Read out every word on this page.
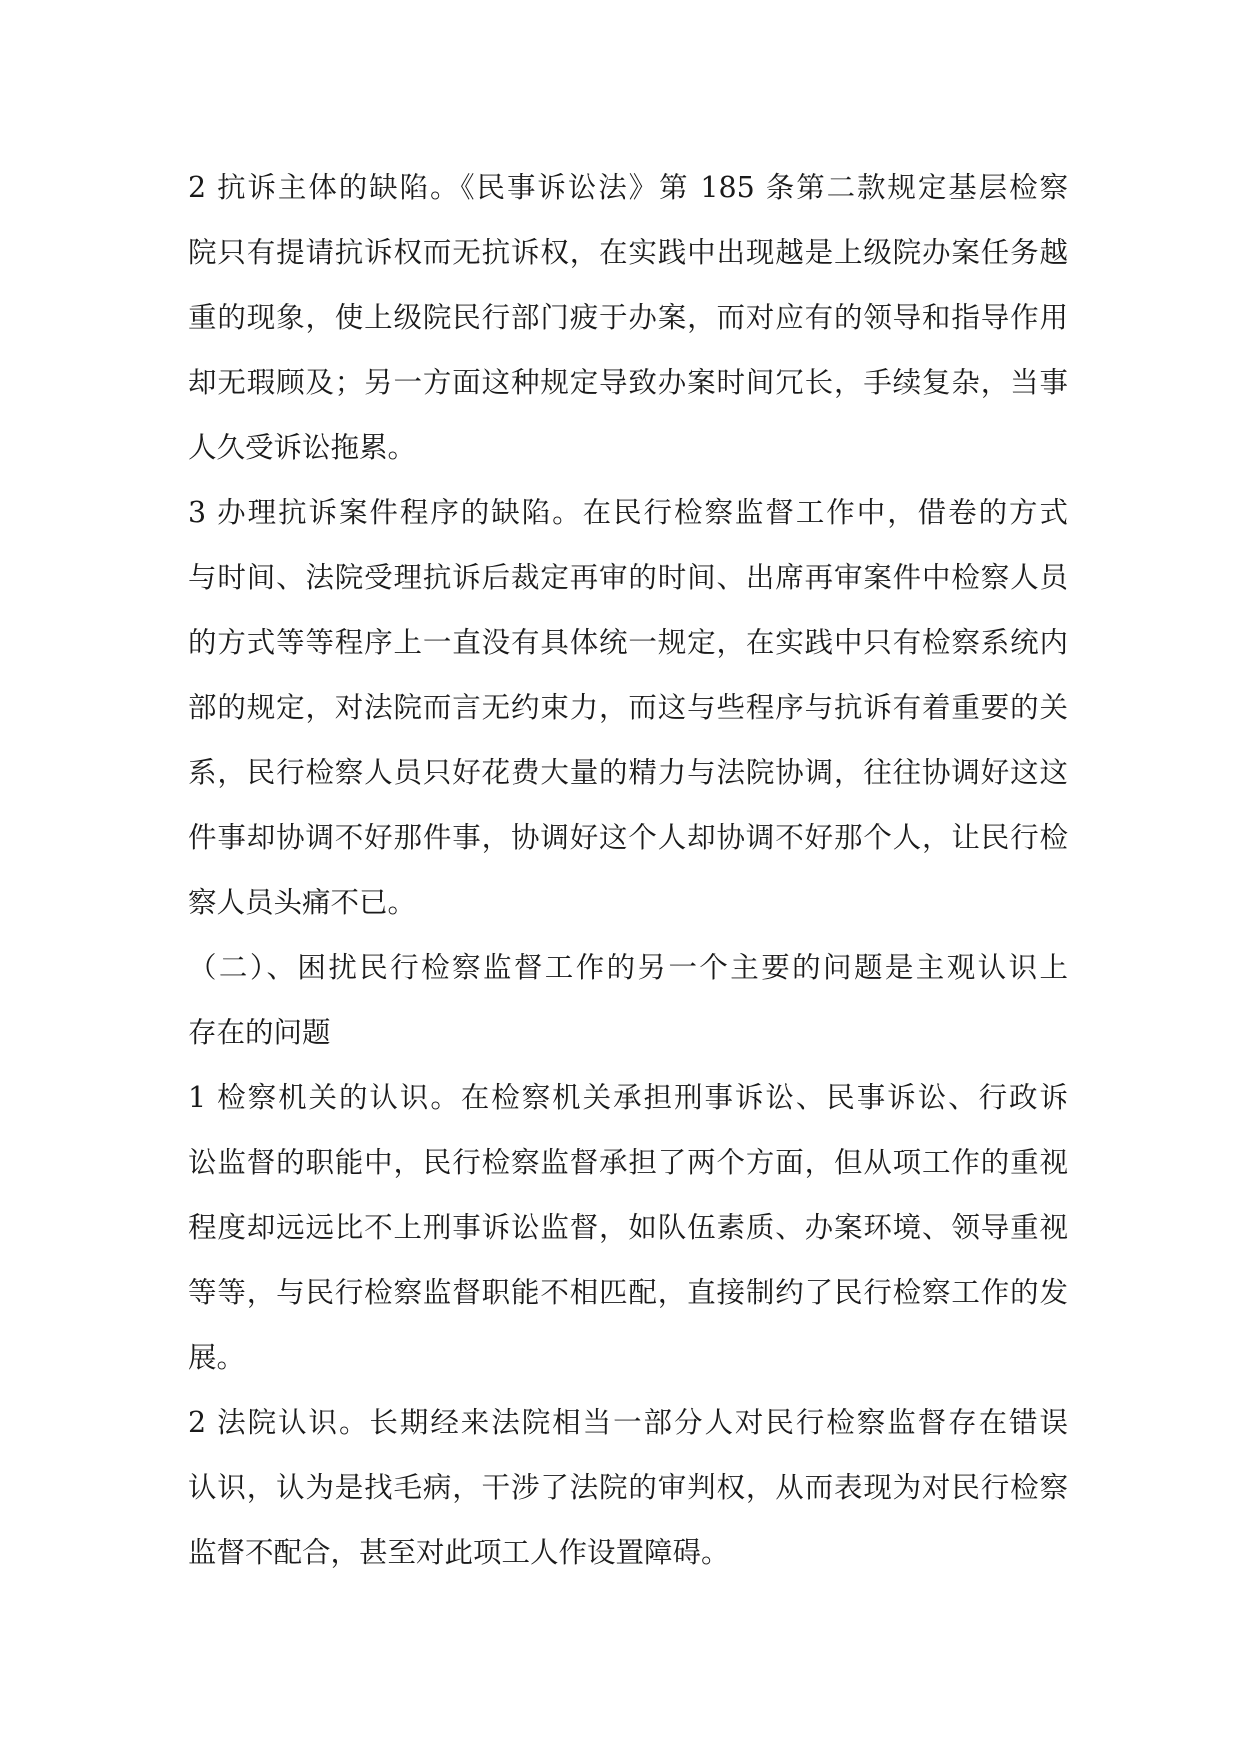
2 抗诉主体的缺陷。《民事诉讼法》第 185 条第二款规定基层检察
院只有提请抗诉权而无抗诉权，在实践中出现越是上级院办案任务越
重的现象，使上级院民行部门疲于办案，而对应有的领导和指导作用
却无瑕顾及；另一方面这种规定导致办案时间冗长，手续复杂，当事
人久受诉讼拖累。

3 办理抗诉案件程序的缺陷。在民行检察监督工作中，借卷的方式
与时间、法院受理抗诉后裁定再审的时间、出席再审案件中检察人员
的方式等等程序上一直没有具体统一规定，在实践中只有检察系统内
部的规定，对法院而言无约束力，而这与些程序与抗诉有着重要的关
系，民行检察人员只好花费大量的精力与法院协调，往往协调好这这
件事却协调不好那件事，协调好这个人却协调不好那个人，让民行检
察人员头痛不已。

（二）、困扰民行检察监督工作的另一个主要的问题是主观认识上
存在的问题

1 检察机关的认识。在检察机关承担刑事诉讼、民事诉讼、行政诉
讼监督的职能中，民行检察监督承担了两个方面，但从项工作的重视
程度却远远比不上刑事诉讼监督，如队伍素质、办案环境、领导重视
等等，与民行检察监督职能不相匹配，直接制约了民行检察工作的发
展。

2 法院认识。长期经来法院相当一部分人对民行检察监督存在错误
认识，认为是找毛病，干涉了法院的审判权，从而表现为对民行检察
监督不配合，甚至对此项工人作设置障碍。
